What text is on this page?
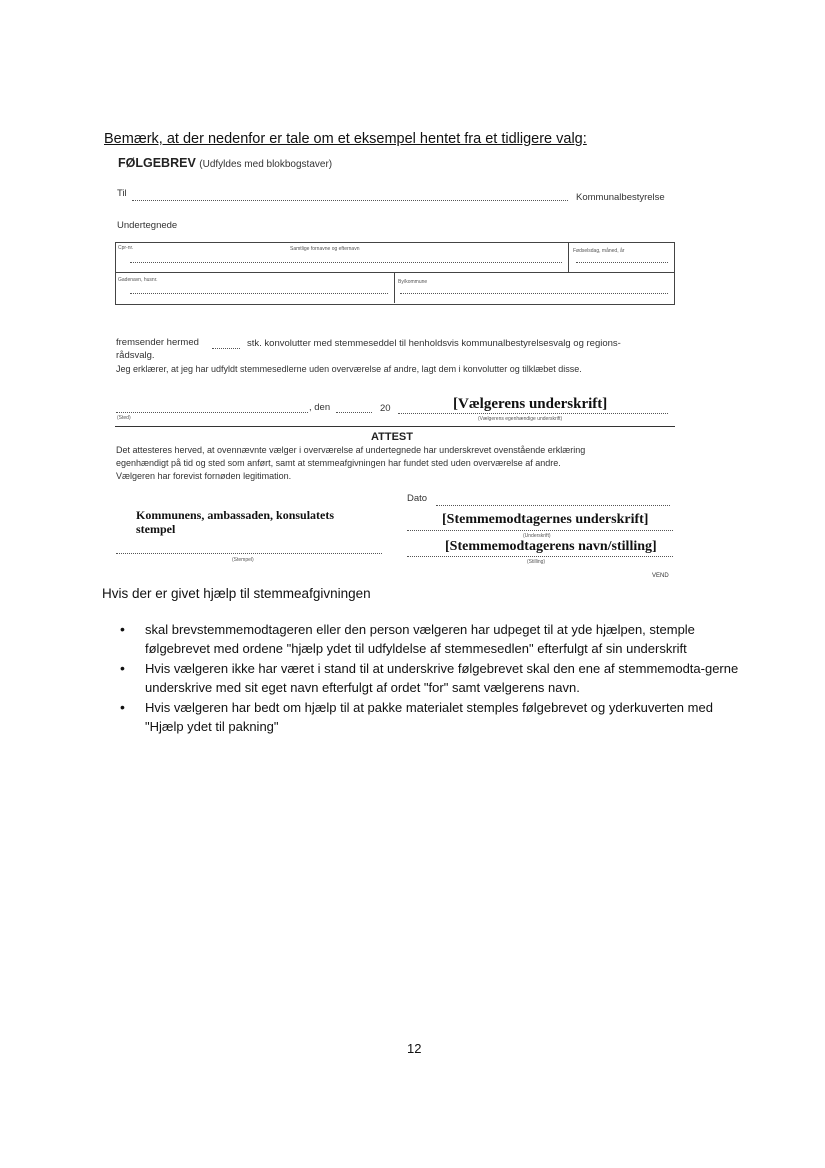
Bemærk, at der nedenfor er tale om et eksempel hentet fra et tidligere valg:
FØLGEBREV (Udfyldes med blokbogstaver)
Til	Kommunalbestyrelse
Undertegnede
Cpr-nr.	Samtlige fornavne og efternavn	Fødselsdag, måned, år
Gadenavn, husnr.	By/kommune
fremsender hermed	stk. konvolutter med stemmeseddel til henholdsvis kommunalbestyrelsesvalg og regions-
rådsvalg.
Jeg erklærer, at jeg har udfyldt stemmesedlerne uden overværelse af andre, lagt dem i konvolutter og tilklæbet disse.
(Sted)
, den	20	[Vælgerens underskrift]
(Vælgerens egenhændige underskrift)
ATTEST
Det attesteres herved, at ovennævnte vælger i overværelse af undertegnede har underskrevet ovenstående erklæring
egenhændigt på tid og sted som anført, samt at stemmeafgivningen har fundet sted uden overværelse af andre.
Vælgeren har forevist fornøden legitimation.
Dato
Kommunens, ambassaden, konsulatets
stempel
[Stemmemodtagernes underskrift]
(Underskrift)
(Stempel)
[Stemmemodtagerens navn/stilling]
(Stilling)
VEND
Hvis der er givet hjælp til stemmeafgivningen
• skal brevstemmemodtageren eller den person vælgeren har udpeget til at yde hjælpen, stemple følgebrevet med ordene "hjælp ydet til udfyldelse af stemmesedlen" efterfulgt af sin underskrift
• Hvis vælgeren ikke har været i stand til at underskrive følgebrevet skal den ene af stemmemodta-gerne underskrive med sit eget navn efterfulgt af ordet "for" samt vælgerens navn.
• Hvis vælgeren har bedt om hjælp til at pakke materialet stemples følgebrevet og yderkuverten med "Hjælp ydet til pakning"
12
